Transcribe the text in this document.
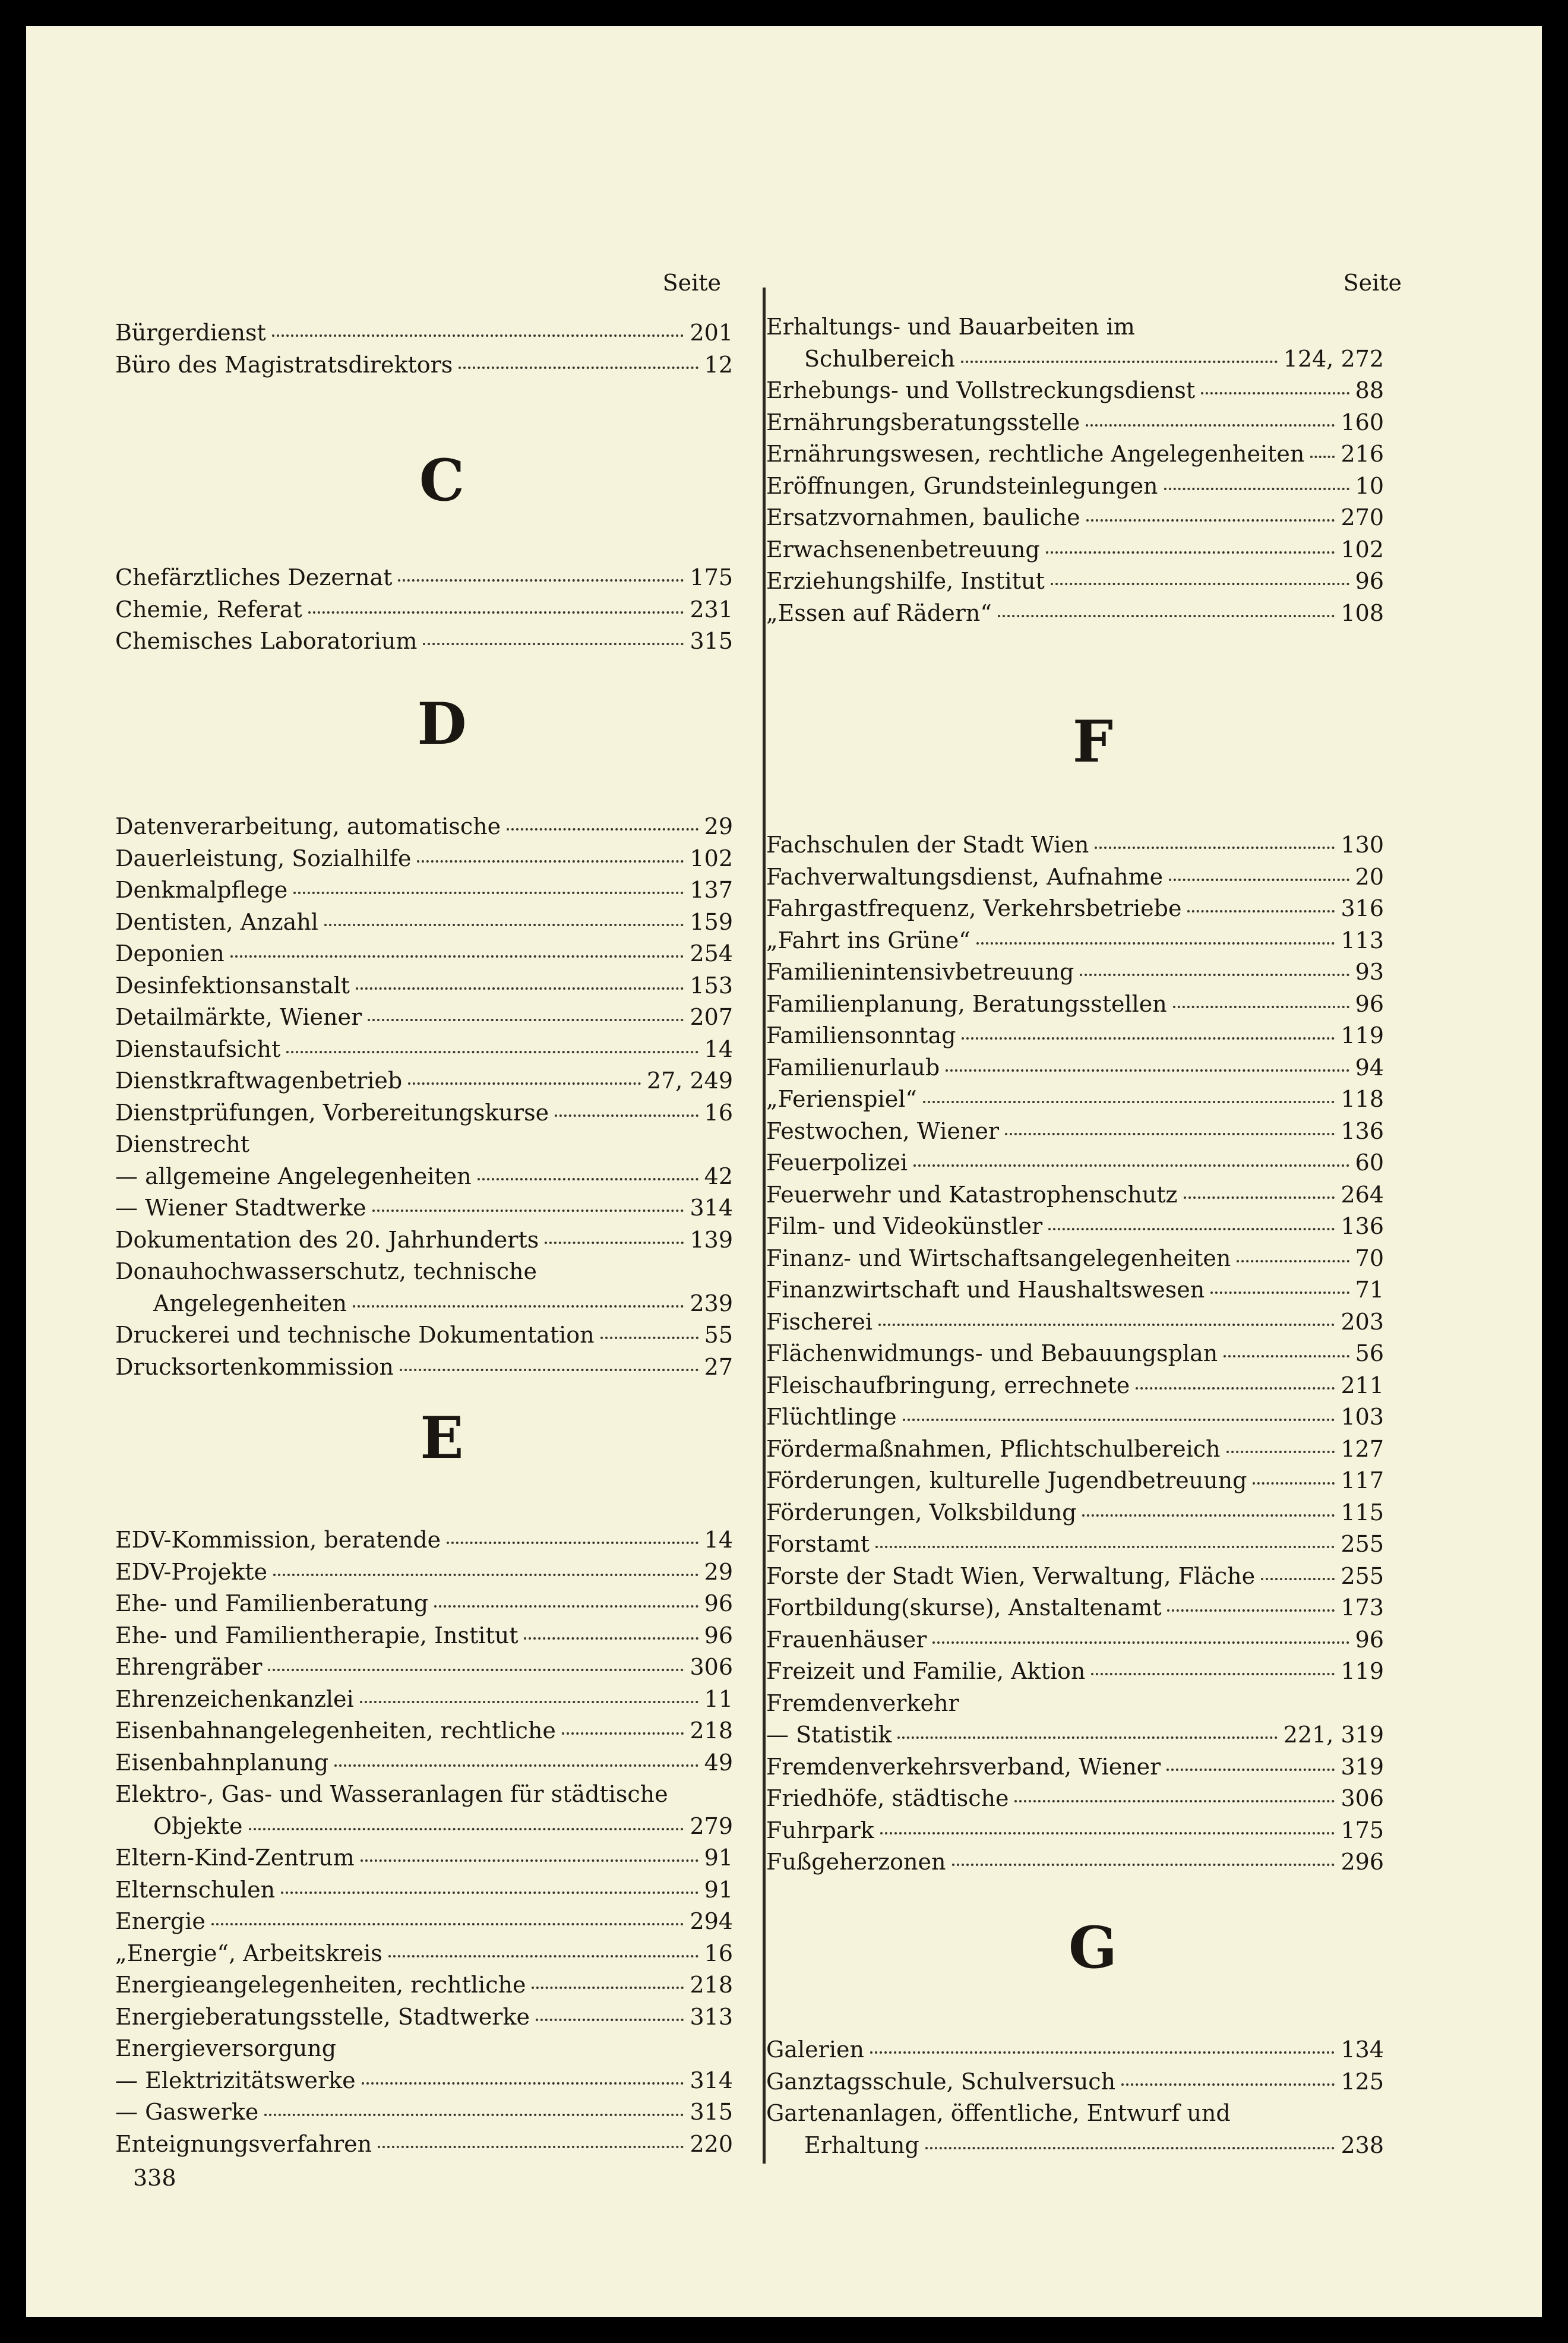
Seite
Bürgerdienst	201
Büro des Magistratsdirektors	12
C
Chefärztliches Dezernat	175
Chemie, Referat	231
Chemisches Laboratorium	315
D
Datenverarbeitung, automatische	29
Dauerleistung, Sozialhilfe	102
Denkmalpflege	137
Dentisten, Anzahl	159
Deponien	254
Desinfektionsanstalt	153
Detailmärkte, Wiener	207
Dienstaufsicht	14
Dienstkraftwagenbetrieb	27, 249
Dienstprüfungen, Vorbereitungskurse	16
Dienstrecht
— allgemeine Angelegenheiten	42
— Wiener Stadtwerke	314
Dokumentation des 20. Jahrhunderts	139
Donauhochwasserschutz, technische
Angelegenheiten	239
Druckerei und technische Dokumentation	55
Drucksortenkommission	27
E
EDV-Kommission, beratende	14
EDV-Projekte	29
Ehe- und Familienberatung	96
Ehe- und Familientherapie, Institut	96
Ehrengräber	306
Ehrenzeichenkanzlei	11
Eisenbahnangelegenheiten, rechtliche	218
Eisenbahnplanung	49
Elektro-, Gas- und Wasseranlagen für städtische
Objekte	279
Eltern-Kind-Zentrum	91
Elternschulen	91
Energie	294
„Energie“, Arbeitskreis	16
Energieangelegenheiten, rechtliche	218
Energieberatungsstelle, Stadtwerke	313
Energieversorgung
— Elektrizitätswerke	314
— Gaswerke	315
Enteignungsverfahren	220
Seite
Erhaltungs- und Bauarbeiten im
Schulbereich	124, 272
Erhebungs- und Vollstreckungsdienst	88
Ernährungsberatungsstelle	160
Ernährungswesen, rechtliche Angelegenheiten 216
Eröffnungen, Grundsteinlegungen	10
Ersatzvornahmen, bauliche	270
Erwachsenenbetreuung	102
Erziehungshilfe, Institut	96
„Essen auf Rädern“	108
F
Fachschulen der Stadt Wien	130
Fachverwaltungsdienst, Aufnahme	20
Fahrgastfrequenz, Verkehrsbetriebe	316
„Fahrt ins Grüne“	113
Familienintensivbetreuung	93
Familienplanung, Beratungsstellen	96
Familiensonntag	119
Familienurlaub	94
„Ferienspiel“	118
Festwochen, Wiener	136
Feuerpolizei	60
Feuerwehr und Katastrophenschutz	264
Film- und Videokünstler	136
Finanz- und Wirtschaftsangelegenheiten	70
Finanzwirtschaft und Haushaltswesen	71
Fischerei	203
Flächenwidmungs- und Bebauungsplan	56
Fleischaufbringung, errechnete	211
Flüchtlinge	103
Fördermaßnahmen, Pflichtschulbereich	127
Förderungen, kulturelle Jugendbetreuung	117
Förderungen, Volksbildung	115
Forstamt	255
Forste der Stadt Wien, Verwaltung, Fläche	255
Fortbildung(skurse), Anstaltenamt	173
Frauenhäuser	96
Freizeit und Familie, Aktion	119
Fremdenverkehr
— Statistik	221, 319
Fremdenverkehrsverband, Wiener	319
Friedhöfe, städtische	306
Fuhrpark	175
Fußgeherzonen	296
G
Galerien	134
Ganztagsschule, Schulversuch	125
Gartenanlagen, öffentliche, Entwurf und
Erhaltung	238
338
